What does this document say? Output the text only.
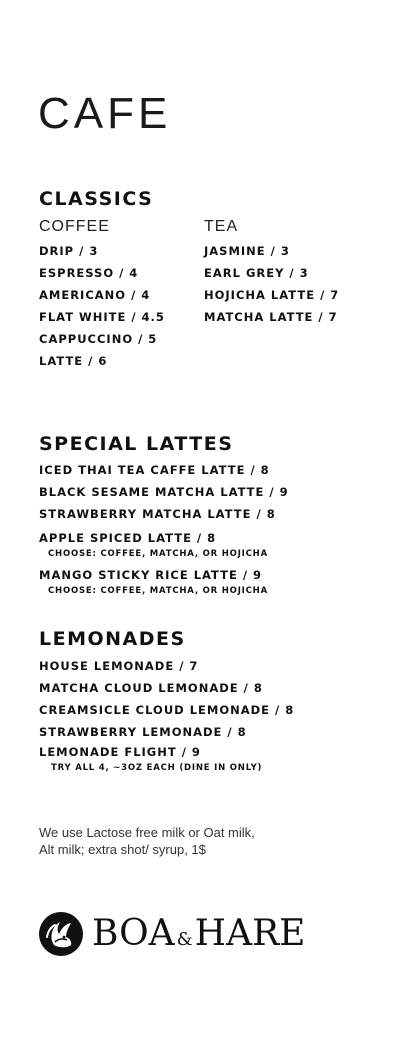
CAFE
CLASSICS
COFFEE	TEA
DRIP / 3
ESPRESSO / 4
AMERICANO / 4
FLAT WHITE / 4.5
CAPPUCCINO / 5
LATTE / 6
JASMINE / 3
EARL GREY / 3
HOJICHA LATTE / 7
MATCHA LATTE / 7
SPECIAL LATTES
ICED THAI TEA CAFFE LATTE / 8
BLACK SESAME MATCHA LATTE / 9
STRAWBERRY MATCHA LATTE / 8
APPLE SPICED LATTE / 8
CHOOSE: COFFEE, MATCHA, OR HOJICHA
MANGO STICKY RICE LATTE / 9
CHOOSE: COFFEE, MATCHA, OR HOJICHA
LEMONADES
HOUSE LEMONADE / 7
MATCHA CLOUD LEMONADE / 8
CREAMSICLE CLOUD LEMONADE / 8
STRAWBERRY LEMONADE / 8
LEMONADE FLIGHT / 9
TRY ALL 4, ~3OZ EACH (DINE IN ONLY)
We use Lactose free milk or Oat milk,
Alt milk; extra shot/ syrup, 1$
BOA & HARE
